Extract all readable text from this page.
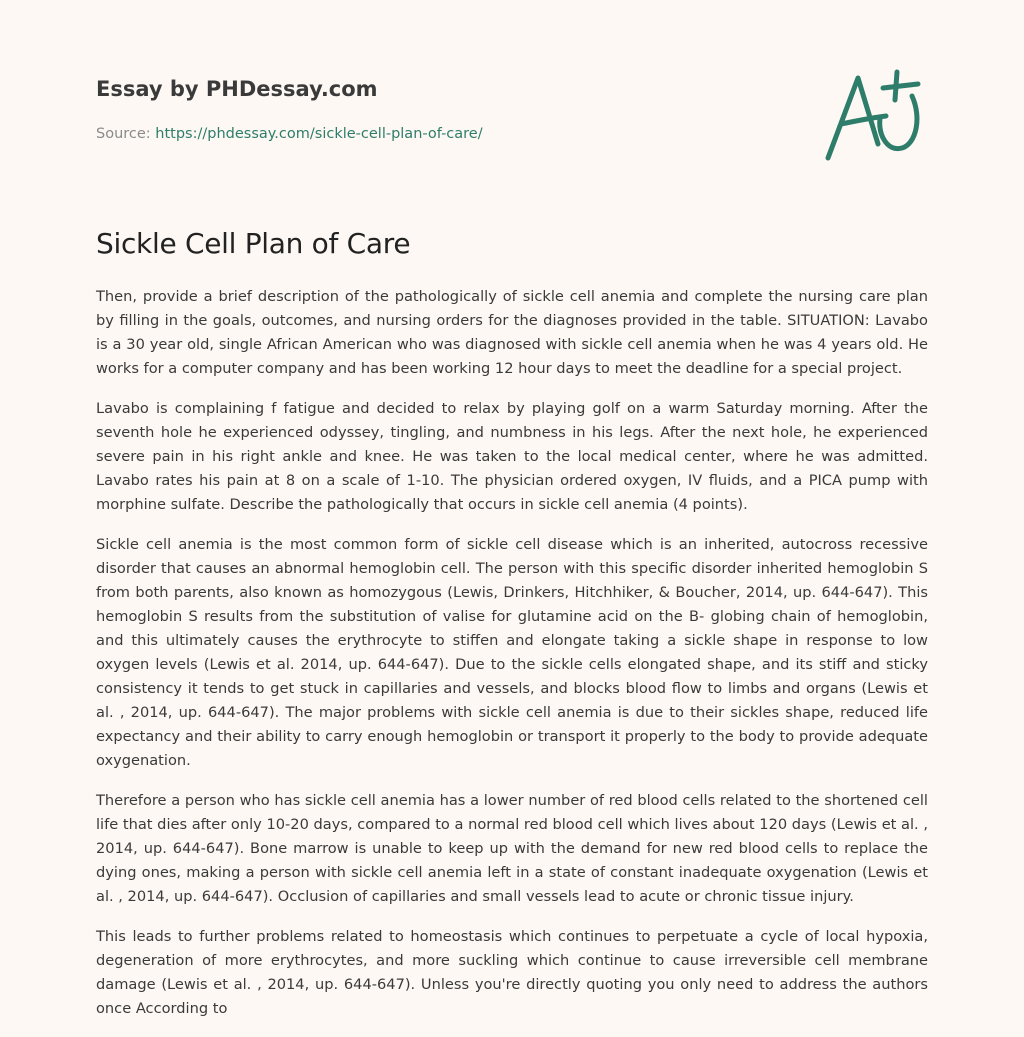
Essay by PHDessay.com
Source: https://phdessay.com/sickle-cell-plan-of-care/
Sickle Cell Plan of Care

Then, provide a brief description of the pathologically of sickle cell anemia and complete the nursing care plan by filling in the goals, outcomes, and nursing orders for the diagnoses provided in the table. SITUATION: Lavabo is a 30 year old, single African American who was diagnosed with sickle cell anemia when he was 4 years old. He works for a computer company and has been working 12 hour days to meet the deadline for a special project.

Lavabo is complaining f fatigue and decided to relax by playing golf on a warm Saturday morning. After the seventh hole he experienced odyssey, tingling, and numbness in his legs. After the next hole, he experienced severe pain in his right ankle and knee. He was taken to the local medical center, where he was admitted. Lavabo rates his pain at 8 on a scale of 1-10. The physician ordered oxygen, IV fluids, and a PICA pump with morphine sulfate. Describe the pathologically that occurs in sickle cell anemia (4 points).

Sickle cell anemia is the most common form of sickle cell disease which is an inherited, autocross recessive disorder that causes an abnormal hemoglobin cell. The person with this specific disorder inherited hemoglobin S from both parents, also known as homozygous (Lewis, Drinkers, Hitchhiker, & Boucher, 2014, up. 644-647). This hemoglobin S results from the substitution of valise for glutamine acid on the B- globing chain of hemoglobin, and this ultimately causes the erythrocyte to stiffen and elongate taking a sickle shape in response to low oxygen levels (Lewis et al. 2014, up. 644-647). Due to the sickle cells elongated shape, and its stiff and sticky consistency it tends to get stuck in capillaries and vessels, and blocks blood flow to limbs and organs (Lewis et al. , 2014, up. 644-647). The major problems with sickle cell anemia is due to their sickles shape, reduced life expectancy and their ability to carry enough hemoglobin or transport it properly to the body to provide adequate oxygenation.

Therefore a person who has sickle cell anemia has a lower number of red blood cells related to the shortened cell life that dies after only 10-20 days, compared to a normal red blood cell which lives about 120 days (Lewis et al. , 2014, up. 644-647). Bone marrow is unable to keep up with the demand for new red blood cells to replace the dying ones, making a person with sickle cell anemia left in a state of constant inadequate oxygenation (Lewis et al. , 2014, up. 644-647). Occlusion of capillaries and small vessels lead to acute or chronic tissue injury.

This leads to further problems related to homeostasis which continues to perpetuate a cycle of local hypoxia, degeneration of more erythrocytes, and more suckling which continue to cause irreversible cell membrane damage (Lewis et al. , 2014, up. 644-647). Unless you're directly quoting you only need to address the authors once According to
